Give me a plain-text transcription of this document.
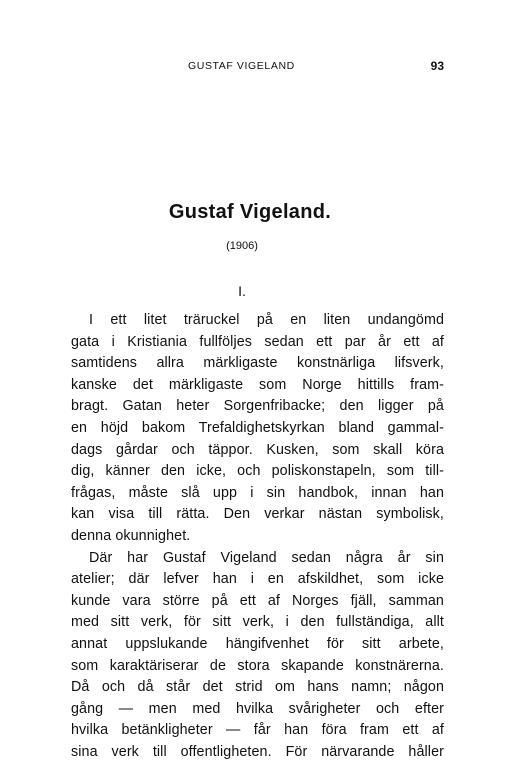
GUSTAF VIGELAND	93
Gustaf Vigeland.
(1906)
I.
I ett litet träruckel på en liten undangömd
gata i Kristiania fullföljes sedan ett par år ett af
samtidens allra märkligaste konstnärliga lifsverk,
kanske det märkligaste som Norge hittills fram-
bragt. Gatan heter Sorgenfribacke; den ligger på
en höjd bakom Trefaldighetskyrkan bland gammal-
dags gårdar och täppor. Kusken, som skall köra
dig, känner den icke, och poliskonstapeln, som till-
frågas, måste slå upp i sin handbok, innan han
kan visa till rätta. Den verkar nästan symbolisk,
denna okunnighet.
Där har Gustaf Vigeland sedan några år sin
atelier; där lefver han i en afskildhet, som icke
kunde vara större på ett af Norges fjäll, samman
med sitt verk, för sitt verk, i den fullständiga, allt
annat uppslukande hängifvenhet för sitt arbete,
som karaktäriserar de stora skapande konstnärerna.
Då och då står det strid om hans namn; någon
gång — men med hvilka svårigheter och efter
hvilka betänkligheter — får han föra fram ett af
sina verk till offentligheten. För närvarande håller
